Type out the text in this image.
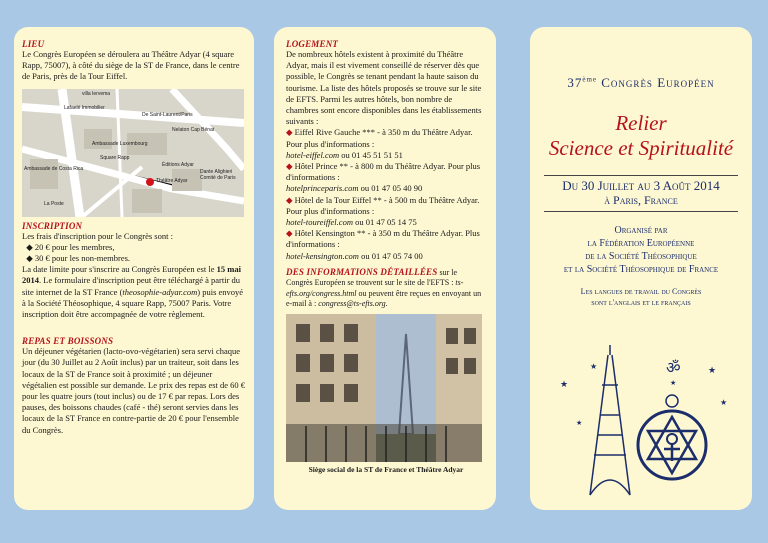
LIEU
Le Congrès Européen se déroulera au Théâtre Adyar (4 square Rapp, 75007), à côté du siège de la ST de France, dans le centre de Paris, près de la Tour Eiffel.
villa Iervema
Lafaelé Immobilier
De Saint-Laurent/Paris
Nelaton Cap Bénat
Ambassade Luxembourg
Square Rapp
Éditions Adyar
Ambassade de Costa Rica
Théâtre Adyar
Dante Alighieri Comité de Paris
La Poste
INSCRIPTION

Les frais d'inscription pour le Congrès sont :

◆ 20 € pour les membres,

◆ 30 € pour les non-membres.

La date limite pour s'inscrire au Congrès Européen est le 15 mai 2014. Le formulaire d'inscription peut être téléchargé à partir du site internet de la ST France (theosophie-adyar.com) puis envoyé à la Société Théosophique, 4 square Rapp, 75007 Paris. Votre inscription doit être accompagnée de votre règlement.

REPAS ET BOISSONS
Un déjeuner végétarien (lacto-ovo-végétarien) sera servi chaque jour (du 30 Juillet au 2 Août inclus) par un traiteur, soit dans les locaux de la ST de France soit à proximité ; un déjeuner végétalien est possible sur demande. Le prix des repas est de 60 € pour les quatre jours (tout inclus) ou de 17 € par repas. Lors des pauses, des boissons chaudes (café - thé) seront servies dans les locaux de la ST France en contre-partie de 20 € pour l'ensemble du Congrès.
LOGEMENT

De nombreux hôtels existent à proximité du Théâtre Adyar, mais il est vivement conseillé de réserver dès que possible, le Congrès se tenant pendant la haute saison du tourisme. La liste des hôtels proposés se trouve sur le site de EFTS. Parmi les autres hôtels, bon nombre de chambres sont encore disponibles dans les établissements suivants :

◆ Eiffel Rive Gauche *** - à 350 m du Théâtre Adyar. Pour plus d'informations :
hotel-eiffel.com ou 01 45 51 51 51

◆ Hôtel Prince ** - à 800 m du Théâtre Adyar. Pour plus d'informations :
hotelprinceparis.com ou 01 47 05 40 90

◆ Hôtel de la Tour Eiffel ** - à 500 m du Théâtre Adyar. Pour plus d'informations :
hotel-toureiffel.com ou 01 47 05 14 75

◆ Hôtel Kensington ** - à 350 m du Théâtre Adyar. Plus d'informations :
hotel-kensington.com ou 01 47 05 74 00

DES INFORMATIONS DÉTAILLÉES sur le
Congrès Européen se trouvent sur le site de l'EFTS : ts-efts.org/congress.html ou peuvent être reçues en envoyant un e-mail à : congress@ts-efts.org.
Siège social de la ST de France et Théâtre Adyar
37ème Congrès Européen
Relier
Science et Spiritualité
Du 30 Juillet au 3 Août 2014
à Paris, France
Organisé par
la Fédération Européenne
de la Société Théosophique
et la Société Théosophique de France
Les langues de travail du Congrès
sont l'anglais et le français
★
★	★
★
★
★
ॐ
